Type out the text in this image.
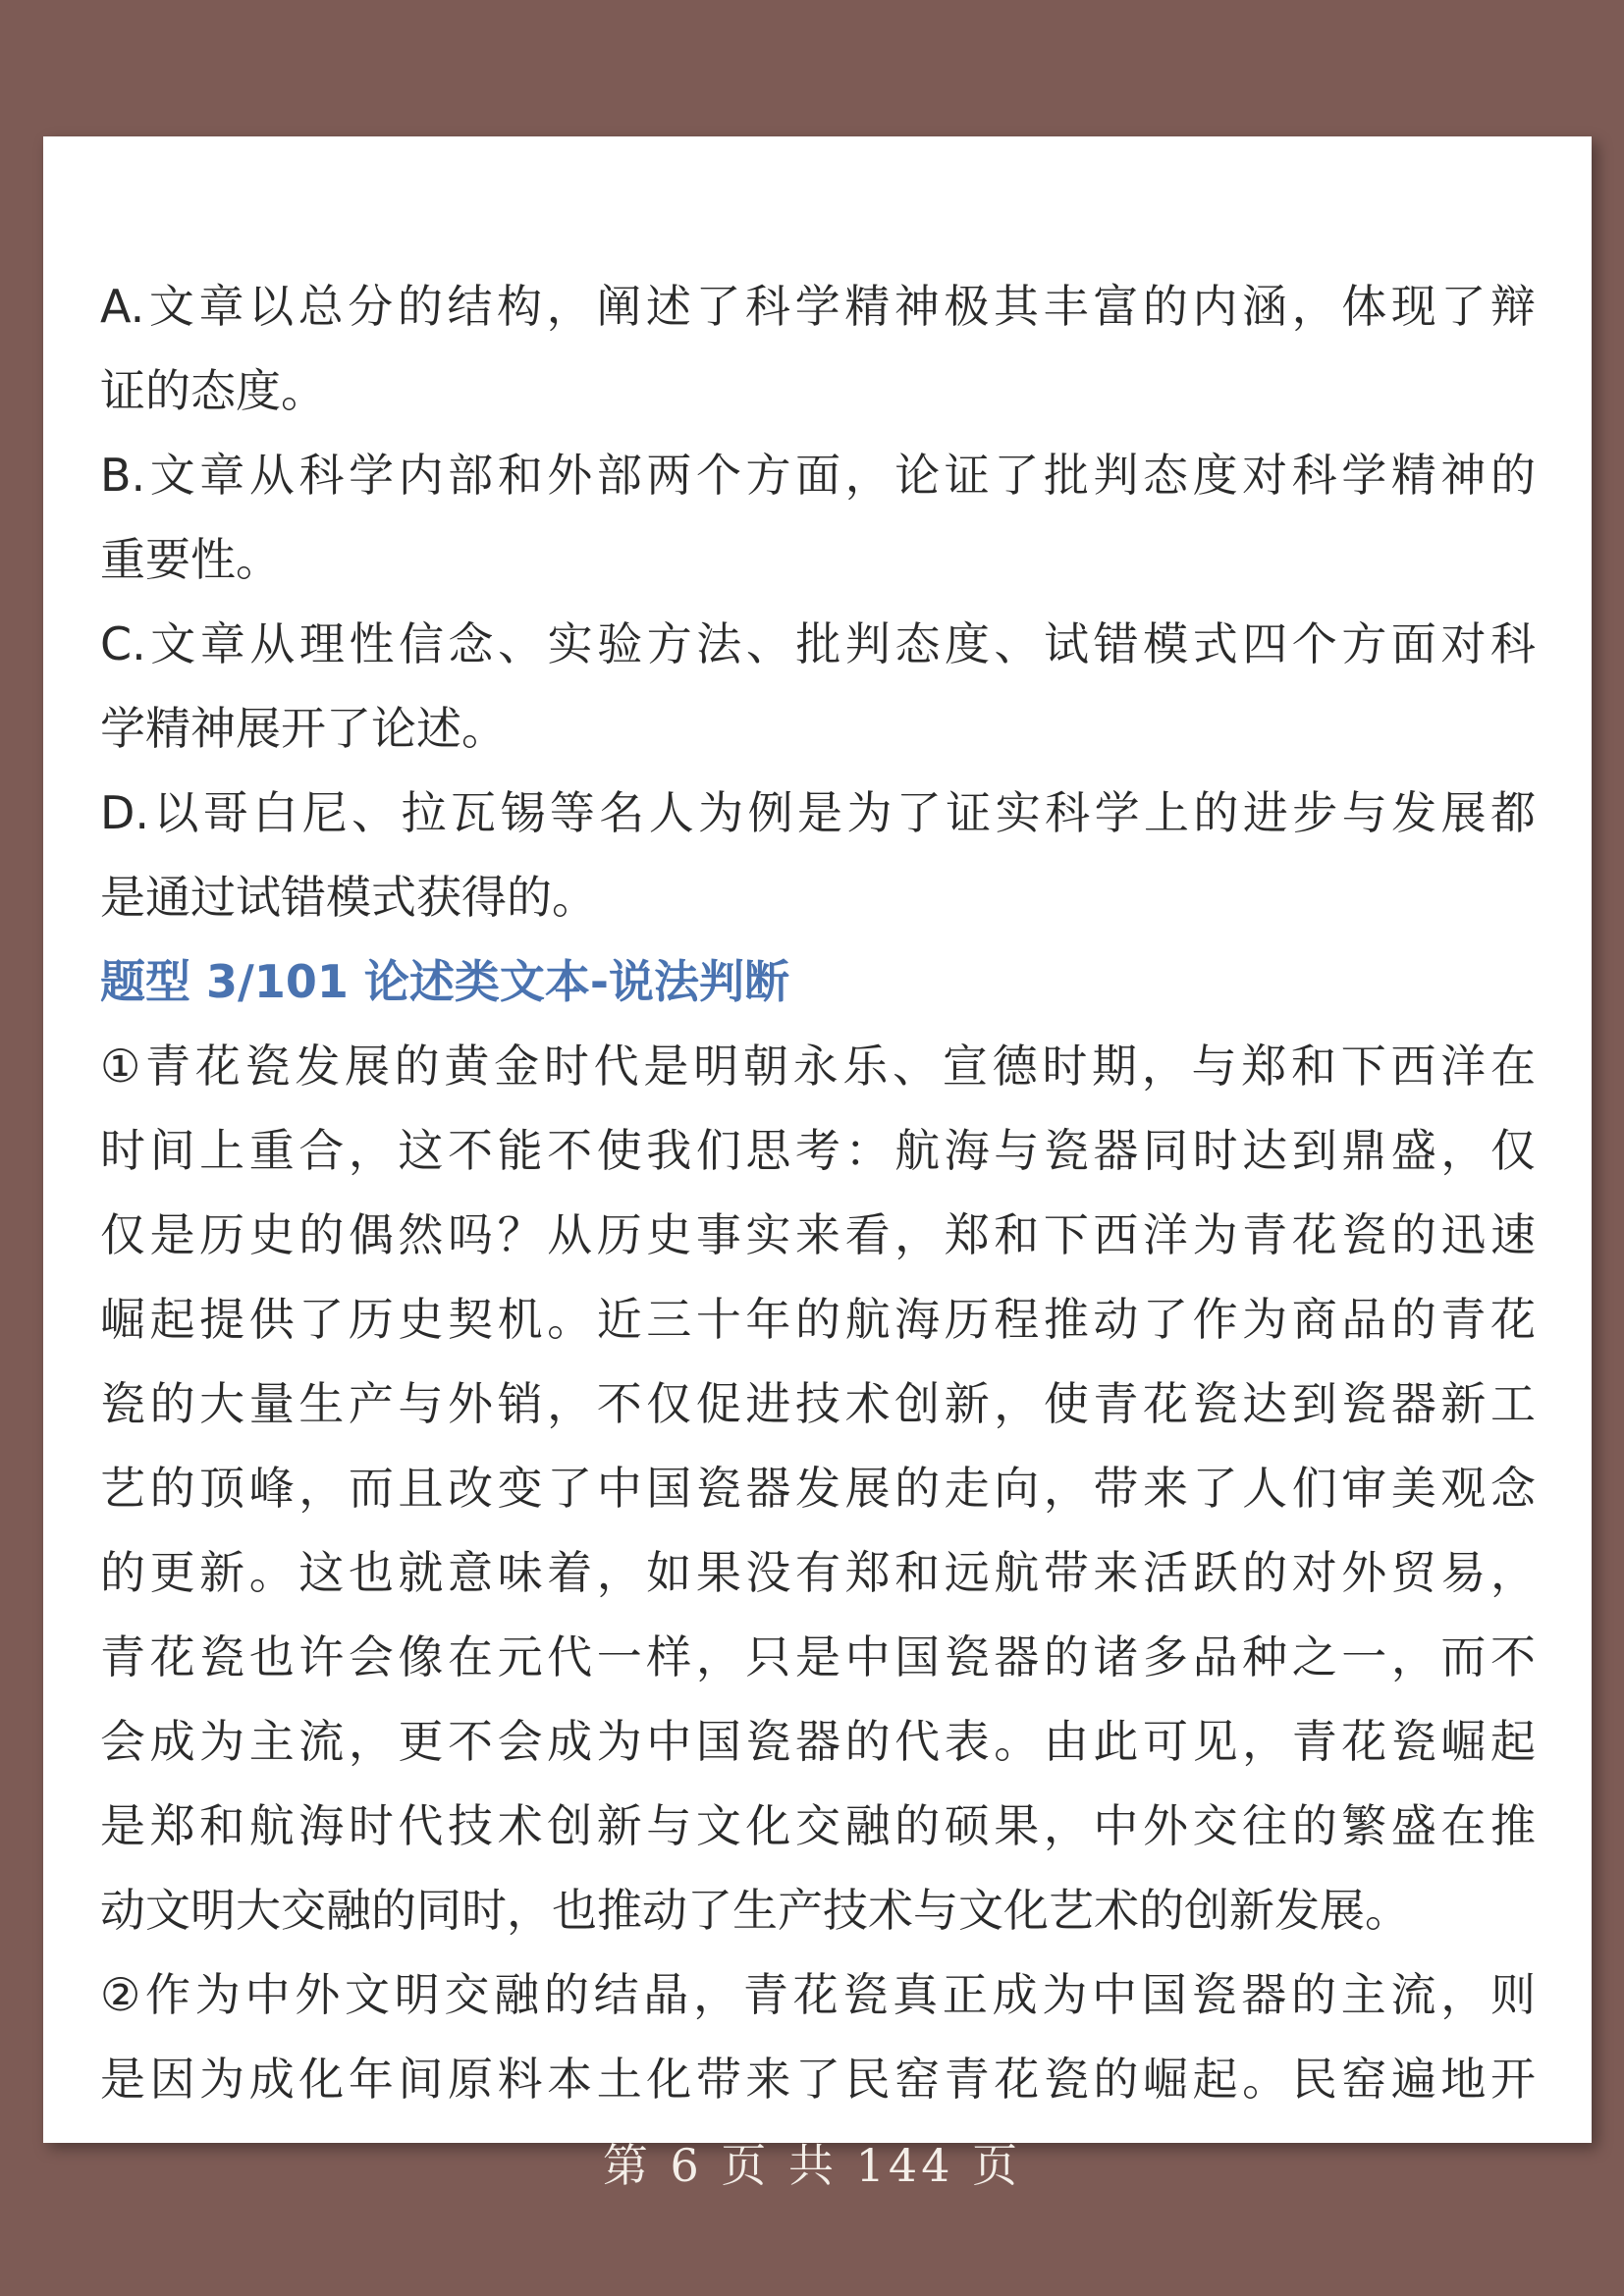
A.文章以总分的结构，阐述了科学精神极其丰富的内涵，体现了辩
证的态度。
B.文章从科学内部和外部两个方面，论证了批判态度对科学精神的
重要性。
C.文章从理性信念、实验方法、批判态度、试错模式四个方面对科
学精神展开了论述。
D.以哥白尼、拉瓦锡等名人为例是为了证实科学上的进步与发展都
是通过试错模式获得的。
题型 3/101 论述类文本-说法判断
①青花瓷发展的黄金时代是明朝永乐、宣德时期，与郑和下西洋在
时间上重合，这不能不使我们思考：航海与瓷器同时达到鼎盛，仅
仅是历史的偶然吗？从历史事实来看，郑和下西洋为青花瓷的迅速
崛起提供了历史契机。近三十年的航海历程推动了作为商品的青花
瓷的大量生产与外销，不仅促进技术创新，使青花瓷达到瓷器新工
艺的顶峰，而且改变了中国瓷器发展的走向，带来了人们审美观念
的更新。这也就意味着，如果没有郑和远航带来活跃的对外贸易，
青花瓷也许会像在元代一样，只是中国瓷器的诸多品种之一，而不
会成为主流，更不会成为中国瓷器的代表。由此可见，青花瓷崛起
是郑和航海时代技术创新与文化交融的硕果，中外交往的繁盛在推
动文明大交融的同时，也推动了生产技术与文化艺术的创新发展。
②作为中外文明交融的结晶，青花瓷真正成为中国瓷器的主流，则
是因为成化年间原料本土化带来了民窑青花瓷的崛起。民窑遍地开
第 6 页 共 144 页
